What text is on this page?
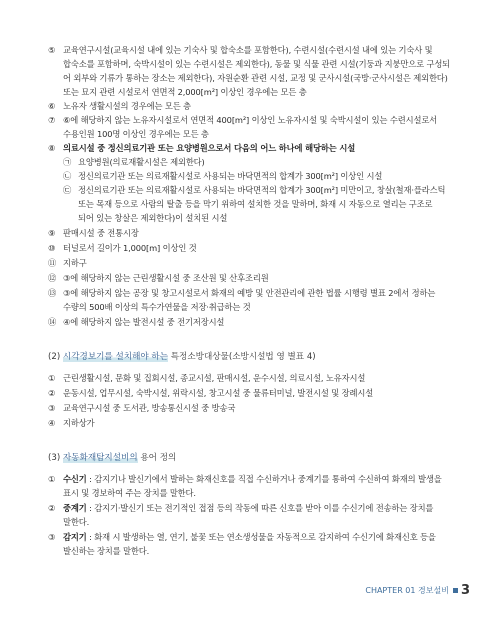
⑤ 교육연구시설(교육시설 내에 있는 기숙사 및 합숙소를 포함한다), 수련시설(수련시설 내에 있는 기숙사 및
합숙소를 포함하며, 숙박시설이 있는 수련시설은 제외한다), 동물 및 식물 관련 시설(기둥과 지붕만으로 구성되
어 외부와 기류가 통하는 장소는 제외한다), 자원순환 관련 시설, 교정 및 군사시설(국방·군사시설은 제외한다)
또는 묘지 관련 시설로서 연면적 2,000[m²] 이상인 경우에는 모든 층
⑥ 노유자 생활시설의 경우에는 모든 층
⑦ ⑥에 해당하지 않는 노유자시설로서 연면적 400[m²] 이상인 노유자시설 및 숙박시설이 있는 수련시설로서
수용인원 100명 이상인 경우에는 모든 층
⑧ 의료시설 중 정신의료기관 또는 요양병원으로서 다음의 어느 하나에 해당하는 시설
㉠ 요양병원(의료재활시설은 제외한다)
㉡ 정신의료기관 또는 의료재활시설로 사용되는 바닥면적의 합계가 300[m²] 이상인 시설
㉢ 정신의료기관 또는 의료재활시설로 사용되는 바닥면적의 합계가 300[m²] 미만이고, 창살(철재·플라스틱
또는 목재 등으로 사람의 탈출 등을 막기 위하여 설치한 것을 말하며, 화재 시 자동으로 열리는 구조로
되어 있는 창살은 제외한다)이 설치된 시설
⑨ 판매시설 중 전통시장
⑩ 터널로서 길이가 1,000[m] 이상인 것
⑪ 지하구
⑫ ③에 해당하지 않는 근린생활시설 중 조산원 및 산후조리원
⑬ ③에 해당하지 않는 공장 및 창고시설로서 화재의 예방 및 안전관리에 관한 법률 시행령 별표 2에서 정하는
수량의 500배 이상의 특수가연물을 저장·취급하는 것
⑭ ④에 해당하지 않는 발전시설 중 전기저장시설
(2) 시각경보기를 설치해야 하는 특정소방대상물(소방시설법 영 별표 4)
① 근린생활시설, 문화 및 집회시설, 종교시설, 판매시설, 운수시설, 의료시설, 노유자시설
② 운동시설, 업무시설, 숙박시설, 위락시설, 창고시설 중 물류터미널, 발전시설 및 장례시설
③ 교육연구시설 중 도서관, 방송통신시설 중 방송국
④ 지하상가
(3) 자동화재탐지설비의 용어 정의
① 수신기 : 감지기나 발신기에서 발하는 화재신호를 직접 수신하거나 중계기를 통하여 수신하여 화재의 발생을
표시 및 경보하여 주는 장치를 말한다.
② 중계기 : 감지기·발신기 또는 전기적인 접점 등의 작동에 따른 신호를 받아 이를 수신기에 전송하는 장치를
말한다.
③ 감지기 : 화재 시 발생하는 열, 연기, 불꽃 또는 연소생성물을 자동적으로 감지하여 수신기에 화재신호 등을
발신하는 장치를 말한다.
CHAPTER 01 경보설비 3
